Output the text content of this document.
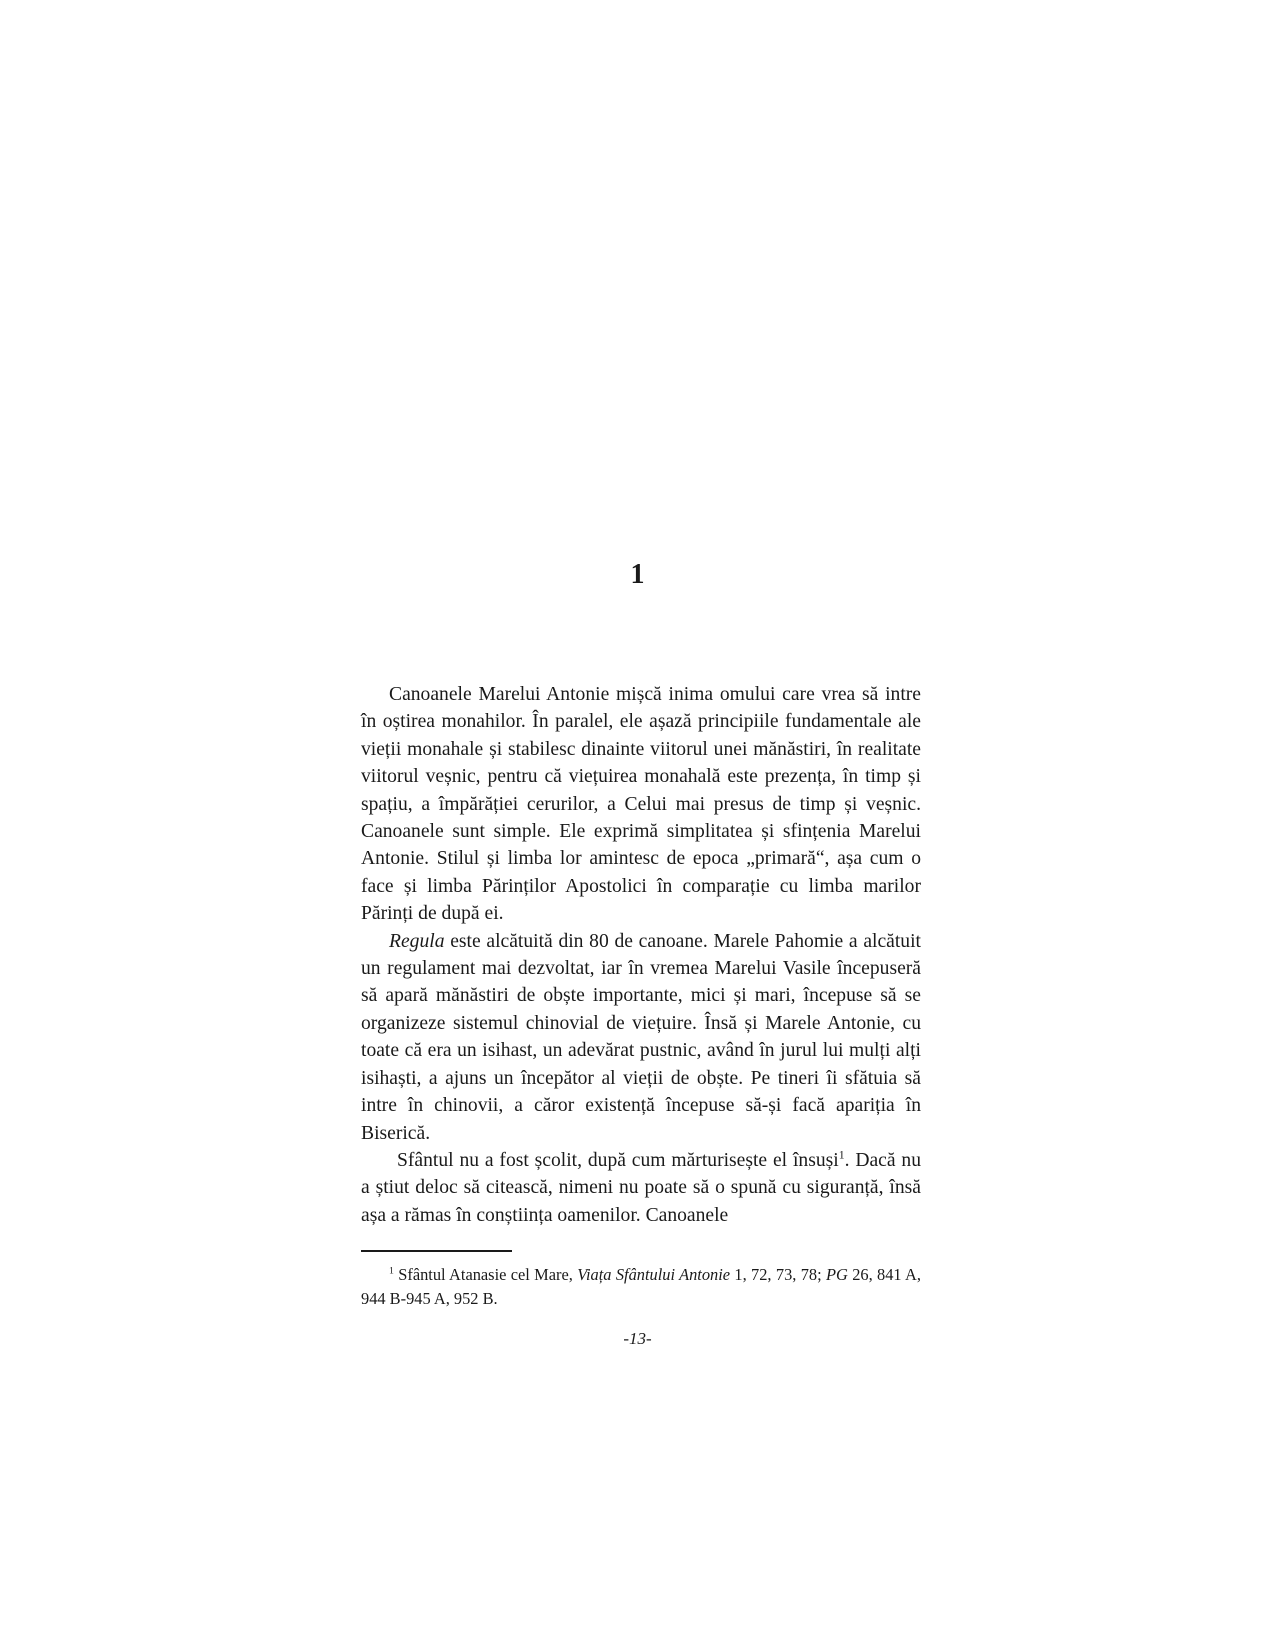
1

Canoanele Marelui Antonie mișcă inima omului care vrea să intre în oștirea monahilor. În paralel, ele așază principiile fundamentale ale vieții monahale și stabilesc dinainte viitorul unei mănăstiri, în realitate viitorul veșnic, pentru că viețuirea monahală este prezența, în timp și spațiu, a împărăției cerurilor, a Celui mai presus de timp și veșnic. Canoanele sunt simple. Ele exprimă simplitatea și sfințenia Marelui Antonie. Stilul și limba lor amintesc de epoca „primară“, așa cum o face și limba Părinților Apostolici în comparație cu limba marilor Părinți de după ei.

Regula este alcătuită din 80 de canoane. Marele Pahomie a alcătuit un regulament mai dezvoltat, iar în vremea Marelui Vasile începuseră să apară mănăstiri de obște importante, mici și mari, începuse să se organizeze sistemul chinovial de viețuire. Însă și Marele Antonie, cu toate că era un isihast, un adevărat pustnic, având în jurul lui mulți alți isihaști, a ajuns un începător al vieții de obște. Pe tineri îi sfătuia să intre în chinovii, a căror existență începuse să-și facă apariția în Biserică.

Sfântul nu a fost școlit, după cum mărturisește el însuși$^1$. Dacă nu a știut deloc să citească, nimeni nu poate să o spună cu siguranță, însă așa a rămas în conștiința oamenilor. Canoanele

$^1$ Sfântul Atanasie cel Mare, Viața Sfântului Antonie 1, 72, 73, 78; PG 26, 841 A, 944 B-945 A, 952 B.
-13-
